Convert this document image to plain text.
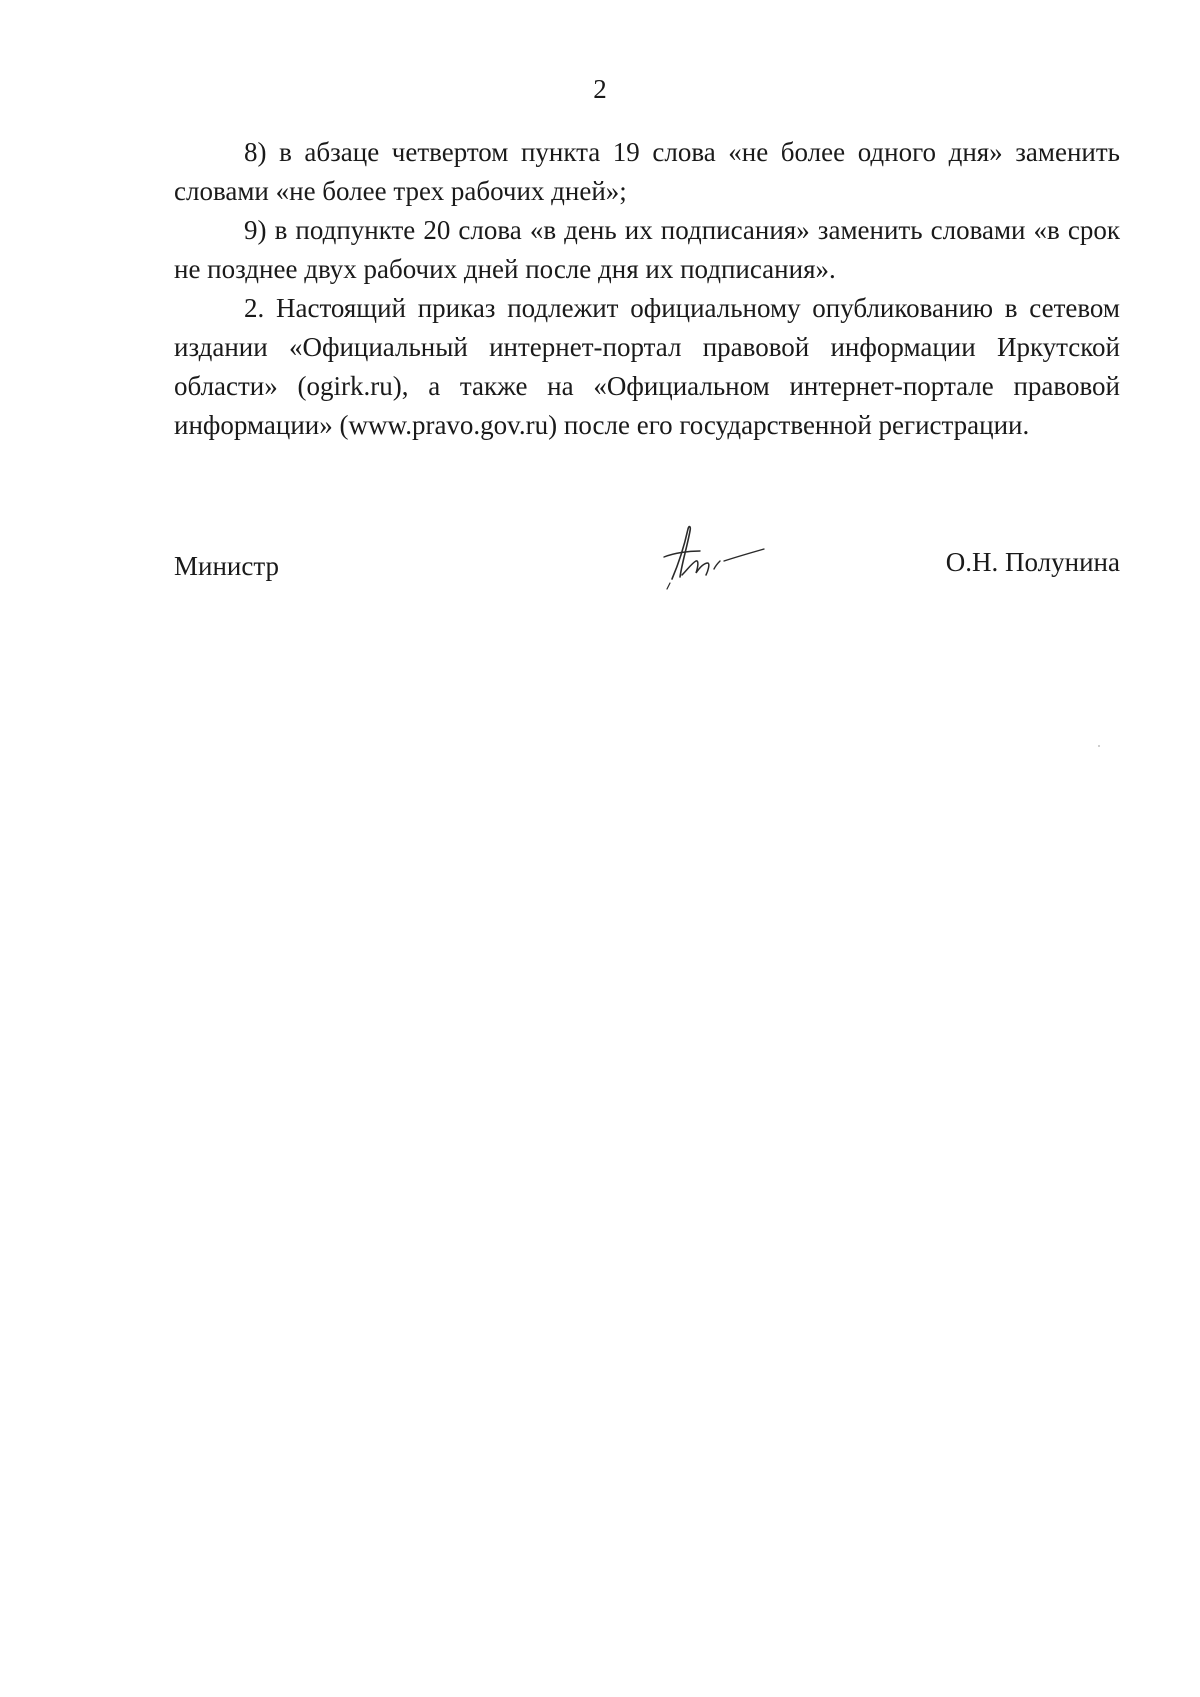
2

8) в абзаце четвертом пункта 19 слова «не более одного дня» заменить словами «не более трех рабочих дней»;

9) в подпункте 20 слова «в день их подписания» заменить словами «в срок не позднее двух рабочих дней после дня их подписания».

2. Настоящий приказ подлежит официальному опубликованию в сетевом издании «Официальный интернет-портал правовой информации Иркутской области» (ogirk.ru), а также на «Официальном интернет-портале правовой информации» (www.pravo.gov.ru) после его государственной регистрации.

Министр	О.Н. Полунина
